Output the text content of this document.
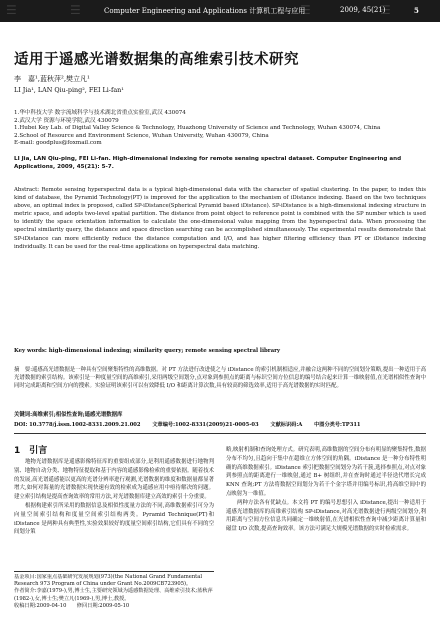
☰	☰	☰	☰
Computer Engineering and Applications 计算机工程与应用	2009, 45(21)	5
适用于遥感光谱数据集的高维索引技术研究
李　嘉¹,蓝秋萍²,樊立凡¹
LI Jia¹, LAN Qiu-ping², FEI Li-fan¹
1.华中科技大学 数字流域科学与技术湖北省重点实验室,武汉 430074
2.武汉大学 资源与环境学院,武汉 430079
1.Hubei Key Lab. of Digital Valley Science & Technology, Huazhong University of Science and Technology, Wuhan 430074, China
2.School of Resource and Environment Science, Wuhan University, Wuhan 430079, China
E-mail: goodplus@foxmail.com
LI Jia, LAN Qiu-ping, FEI Li-fan. High-dimensional indexing for remote sensing spectral dataset. Computer Engineering and Applications, 2009, 45(21): 5-7.
Abstract: Remote sensing hyperspectral data is a typical high-dimensional data with the character of spatial clustering. In the paper, to index this kind of database, the Pyramid Technology(PT) is improved for the application to the mechanism of iDistance indexing. Based on the two techniques above, an optimal index is proposed, called SP-iDistance(Spherical Pyramid based iDistance). SP-iDistance is a high-dimensional indexing structure in metric space, and adopts two-level spatial partition. The distance from point object to reference point is combined with the SP number which is used to identify the space orientation information to calculate the one-dimensional value mapping from the hyperspectral data. When processing the spectral similarity query, the distance and space direction searching can be accomplished simultaneously. The experimental results demonstrate that SP-iDistance can more efficiently reduce the distance computation and I/O, and has higher filtering efficiency than PT or iDistance indexing individually. It can be used for the real-time applications on hyperspectral data matching.
Key words: high-dimensional indexing; similarity query; remote sensing spectral library
摘　要:遥感高光谱数据是一种具有空间聚集特性的高维数据。对 PT 方法进行改进使之与 iDistance 的索引机制相适应,并融合这两种不同的空间划分策略,提出一种适用于高光谱数据的索引结构。该索引是一种度量空间的高维索引,采用两级空间划分,点对象到参照点的距离与标识空间方位信息的编号结合起来计算一维映射值,在光谱相似性查询中同时完成距离和空间方向的搜索。实验证明该索引可以有效降低 I/O 和距离计算次数,具有较高的筛选效率,适用于高光谱数据的实时匹配。
关键词:高维索引;相似性查询;遥感光谱数据库
DOI: 10.3778/j.issn.1002-8331.2009.21.002 文章编号:1002-8331(2009)21-0005-03 文献标识码:A 中图分类号:TP311
1　引言
　　地物光谱数据库是遥感影像特征库的重要组成部分,是利用遥感数据进行地物判别、地物自动分类、地物特征提取和基于内容的遥感影像检索的重要依据。随着技术的发展,高光谱遥感能以更高的光谱分辨率进行观测,光谱数据的维度和数据量都显著增大,如何对海量的光谱数据实现快速有效的检索成为遥感应用中亟待解决的问题。建立索引结构是提高查询效率的常用方法,对光谱数据库建立高效的索引十分重要。
　　根据构建索引所采用的数据信息及相似性度量方法的不同,高维数据索引可分为向量空间索引结构和度量空间索引结构两类。Pyramid Technique(PT)和 iDistance 是两种具有典型性,实验效果较好的度量空间索引结构,它们具有不同的空间划分策
略,映射机制和查询处理方式。研究表明,高维数据的空间分布有明显的聚集特性,数据分布不均匀,且趋向于集中在超维立方体空间的角隅。iDistance 是一种分布特性明确的高维数据索引。iDistance 索引把数据空间划分为若干簇,选择参照点,对点对象到参照点的距离进行一维映射,通过 B+ 树组织,并在查询时通过半径迭代增长完成 KNN 查询;PT 方法将数据空间划分为若干个金字塔并用编号标识,将高维空间中的点映射为一维值。
　　两种方法各有优缺点。本文将 PT 的编号思想引入 iDistance,提出一种适用于遥感光谱数据库的高维索引结构 SP-iDistance,对高光谱数据进行两级空间划分,利用距离与空间方位信息共同确定一维映射值,在光谱相似性查询中减少距离计算量和磁盘 I/O 次数,提高查询效率。该方法可满足大规模光谱数据的实时检索需求。
基金项目:国家重点基础研究发展规划(973)(the National Grand Fundamental Research 973 Program of China under Grant No.2009CB723905)。
作者简介:李嘉(1979-),男,博士生,主要研究领域为遥感数据处理、高维索引技术;蓝秋萍(1982-),女,博士生;樊立凡(1969-),男,博士,教授。
收稿日期:2009-04-10　　修回日期:2009-05-10
